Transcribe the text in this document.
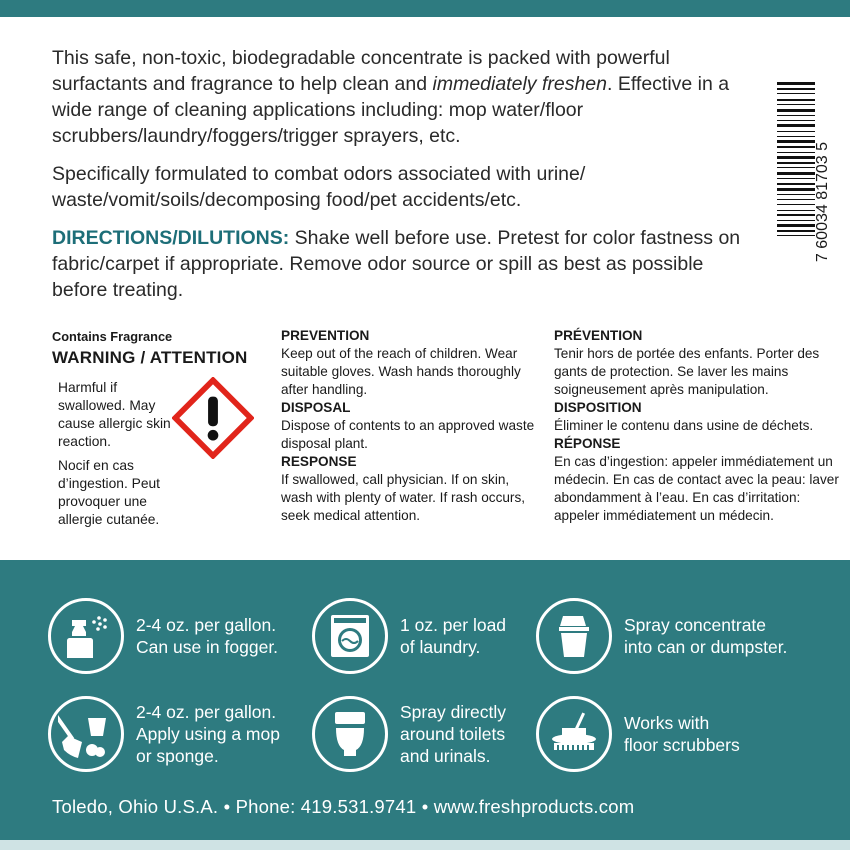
This safe, non-toxic, biodegradable concentrate is packed with powerful surfactants and fragrance to help clean and immediately freshen. Effective in a wide range of cleaning applications including: mop water/floor scrubbers/laundry/foggers/trigger sprayers, etc.

Specifically formulated to combat odors associated with urine/ waste/vomit/soils/decomposing food/pet accidents/etc.

DIRECTIONS/DILUTIONS: Shake well before use. Pretest for color fastness on fabric/carpet if appropriate. Remove odor source or spill as best as possible before treating.

7 60034 81703 5
Contains Fragrance
WARNING / ATTENTION
Harmful if swallowed. May cause allergic skin reaction.
Nocif en cas d’ingestion. Peut provoquer une allergie cutanée.
PREVENTION
Keep out of the reach of children. Wear suitable gloves. Wash hands thoroughly after handling.
DISPOSAL
Dispose of contents to an approved waste disposal plant.
RESPONSE
If swallowed, call physician. If on skin, wash with plenty of water. If rash occurs, seek medical attention.
PRÉVENTION
Tenir hors de portée des enfants. Porter des gants de protection. Se laver les mains soigneusement après manipulation.
DISPOSITION
Éliminer le contenu dans usine de déchets.
RÉPONSE
En cas d’ingestion: appeler immédiatement un médecin. En cas de contact avec la peau: laver abondamment à l’eau. En cas d’irritation: appeler immédiatement un médecin.
2-4 oz. per gallon.
Can use in fogger.
1 oz. per load
of laundry.
Spray concentrate
into can or dumpster.
2-4 oz. per gallon.
Apply using a mop
or sponge.
Spray directly
around toilets
and urinals.
Works with
floor scrubbers
Toledo, Ohio U.S.A. • Phone: 419.531.9741 • www.freshproducts.com
